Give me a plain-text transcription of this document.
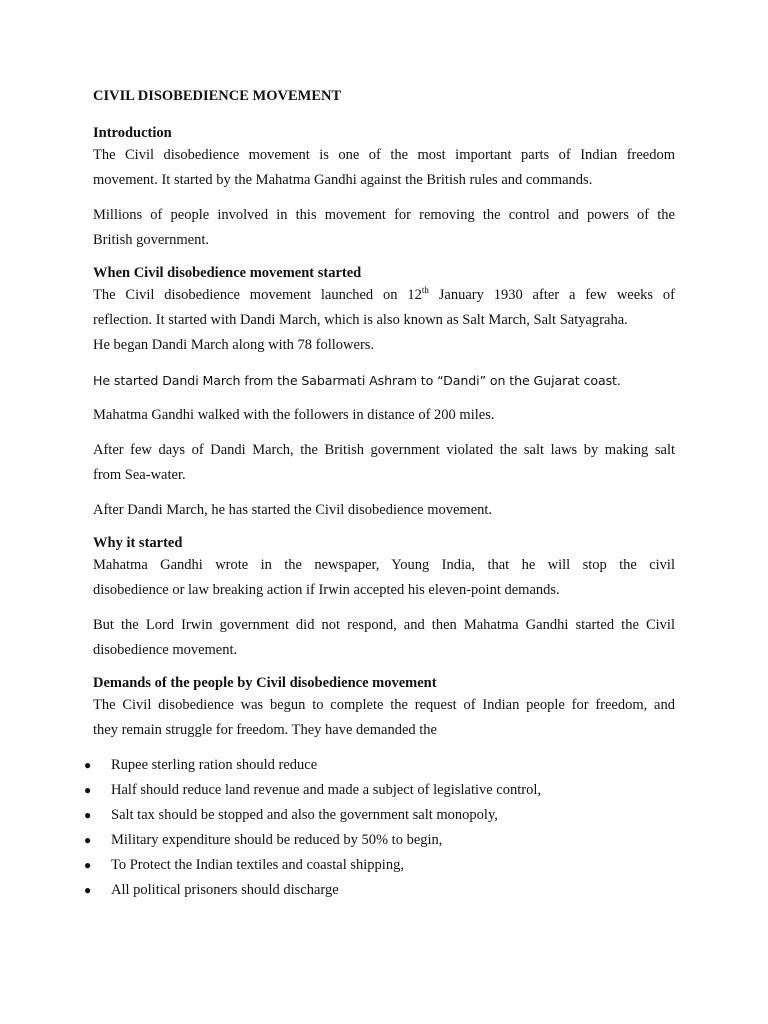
CIVIL DISOBEDIENCE MOVEMENT

Introduction

The Civil disobedience movement is one of the most important parts of Indian freedom
movement. It started by the Mahatma Gandhi against the British rules and commands.

Millions of people involved in this movement for removing the control and powers of the
British government.

When Civil disobedience movement started

The Civil disobedience movement launched on 12th January 1930 after a few weeks of
reflection. It started with Dandi March, which is also known as Salt March, Salt Satyagraha.
He began Dandi March along with 78 followers.

He started Dandi March from the Sabarmati Ashram to “Dandi” on the Gujarat coast.

Mahatma Gandhi walked with the followers in distance of 200 miles.

After few days of Dandi March, the British government violated the salt laws by making salt
from Sea-water.

After Dandi March, he has started the Civil disobedience movement.

Why it started

Mahatma Gandhi wrote in the newspaper, Young India, that he will stop the civil
disobedience or law breaking action if Irwin accepted his eleven-point demands.

But the Lord Irwin government did not respond, and then Mahatma Gandhi started the Civil
disobedience movement.

Demands of the people by Civil disobedience movement

The Civil disobedience was begun to complete the request of Indian people for freedom, and
they remain struggle for freedom. They have demanded the

● Rupee sterling ration should reduce
● Half should reduce land revenue and made a subject of legislative control,
● Salt tax should be stopped and also the government salt monopoly,
● Military expenditure should be reduced by 50% to begin,
● To Protect the Indian textiles and coastal shipping,
● All political prisoners should discharge
